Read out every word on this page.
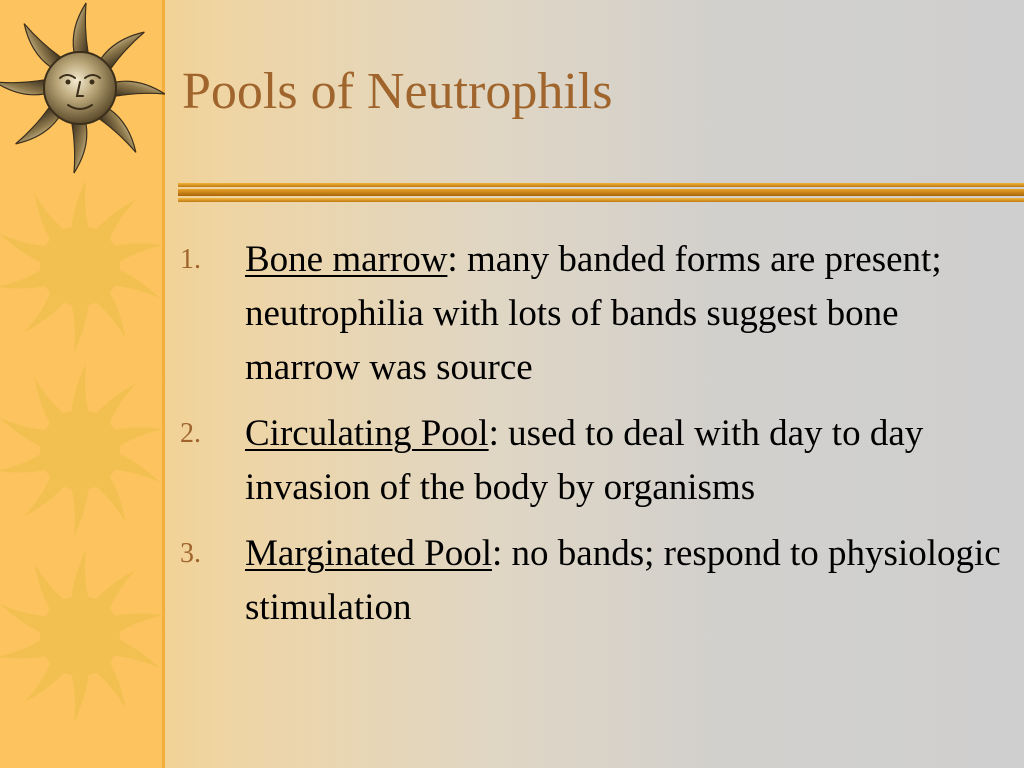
Pools of Neutrophils
1.	Bone marrow: many banded forms are present; neutrophilia with lots of bands suggest bone marrow was source
2.	Circulating Pool: used to deal with day to day invasion of the body by organisms
3.	Marginated Pool: no bands; respond to physiologic stimulation
